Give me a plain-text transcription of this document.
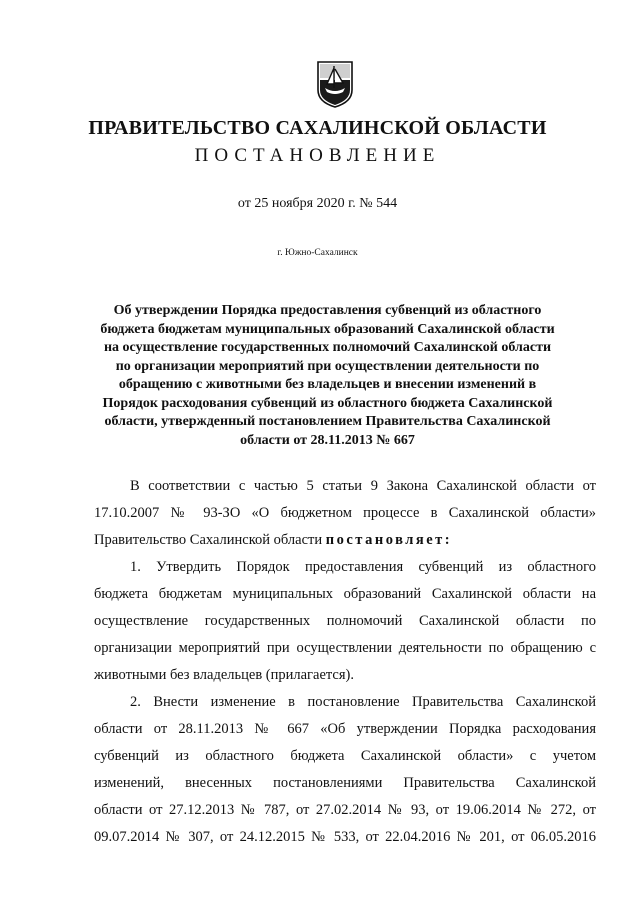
ПРАВИТЕЛЬСТВО САХАЛИНСКОЙ ОБЛАСТИ
ПОСТАНОВЛЕНИЕ
от 25 ноября 2020 г. № 544
г. Южно-Сахалинск
Об утверждении Порядка предоставления субвенций из областного
бюджета бюджетам муниципальных образований Сахалинской области
на осуществление государственных полномочий Сахалинской области
по организации мероприятий при осуществлении деятельности по
обращению с животными без владельцев и внесении изменений в
Порядок расходования субвенций из областного бюджета Сахалинской
области, утвержденный постановлением Правительства Сахалинской
области от 28.11.2013 № 667
В соответствии с частью 5 статьи 9 Закона Сахалинской области от
17.10.2007 № 93-ЗО «О бюджетном процессе в Сахалинской области»
Правительство Сахалинской области постановляет:
1. Утвердить Порядок предоставления субвенций из областного
бюджета бюджетам муниципальных образований Сахалинской области на
осуществление государственных полномочий Сахалинской области по
организации мероприятий при осуществлении деятельности по обращению с
животными без владельцев (прилагается).
2. Внести изменение в постановление Правительства Сахалинской
области от 28.11.2013 № 667 «Об утверждении Порядка расходования
субвенций из областного бюджета Сахалинской области» с учетом
изменений, внесенных постановлениями Правительства Сахалинской
области от 27.12.2013 № 787, от 27.02.2014 № 93, от 19.06.2014 № 272, от
09.07.2014 № 307, от 24.12.2015 № 533, от 22.04.2016 № 201, от 06.05.2016
